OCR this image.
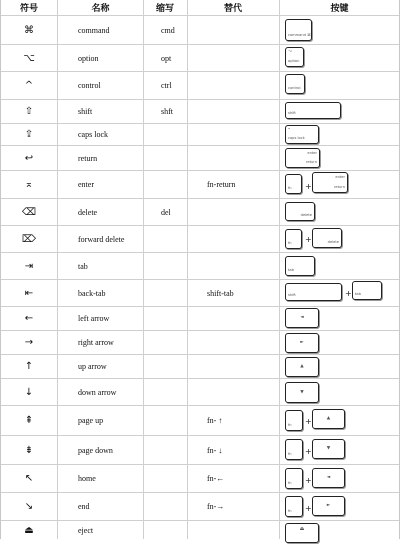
符号	名称	缩写	替代	按键
⌘	command	cmd
command ⌘
⌥	option	opt
⌥
option
^	control	ctrl	control
⇧	shift	shft	shift
⇪	caps lock
•
caps lock
↩	return
enter
return
⌅	enter	fn-return	fn +
enter
return
⌫	delete	del	delete
⌦	forward delete	fn +	delete
⇥	tab	tab
⇤	back-tab	shift-tab	shift	+ tab
←	left arrow	◄
→	right arrow	►
↑	up arrow	▲
↓	down arrow	▼
⇞	page up	fn- ↑
fn +	▲
⇟	page down	fn- ↓	fn +	▼
↖	home	fn-←
fn +	◄
↘	end	fn-→
fn +	►
⏏	eject	⏏
